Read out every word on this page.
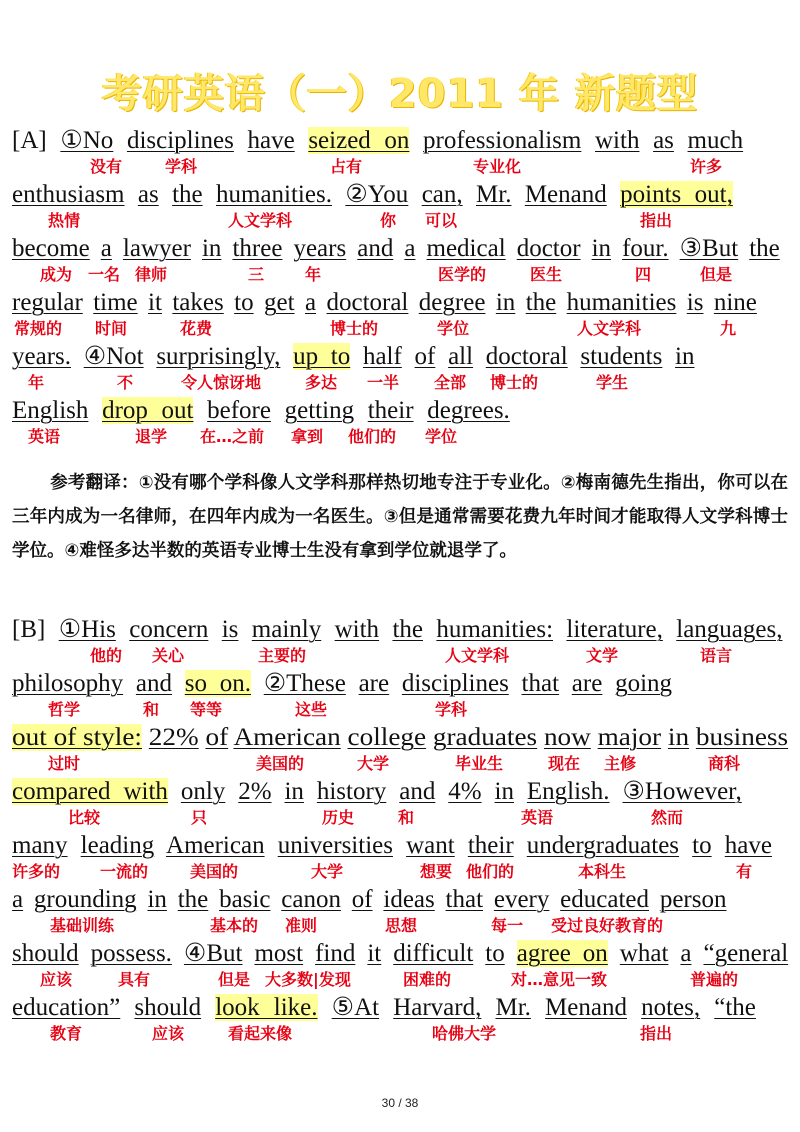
考研英语（一）2011 年 新题型
[A] ①No disciplines have seized on professionalism with as much
没有	学科	占有	专业化	许多
enthusiasm as the humanities. ②You can, Mr. Menand points out,
热情	人文学科	你 可以	指出
become a lawyer in three years and a medical doctor in four. ③But the
成为 一名 律师	三	年	医学的	医生	四	但是
regular time it takes to get a doctoral degree in the humanities is nine
常规的 时间	花费	博士的	学位	人文学科	九
years. ④Not surprisingly, up to half of all doctoral students in
年	不	令人惊讶地	多达 一半 全部 博士的	学生
English drop out before getting their degrees.
英语	退学 在…之前 拿到 他们的 学位
[B] ①His concern is mainly with the humanities: literature, languages,
他的 关心	主要的	人文学科	文学	语言
philosophy and so on. ②These are disciplines that are going
哲学	和 等等	这些	学科
out of style: 22% of American college graduates now major in business
过时	美国的	大学	毕业生	现在 主修	商科
compared with only 2% in history and 4% in English. ③However,
比较	只	历史	和	英语	然而
many leading American universities want their undergraduates to have
许多的 一流的	美国的	大学	想要 他们的	本科生	有
a grounding in the basic canon of ideas that every educated person
基础训练	基本的 准则	思想	每一 受过良好教育的
should possess. ④But most find it difficult to agree on what a “general
应该	具有	但是 大多数|发现	困难的	对…意见一致	普遍的
education” should look like. ⑤At Harvard, Mr. Menand notes, “the
教育	应该	看起来像	哈佛大学	指出
参考翻译：①没有哪个学科像人文学科那样热切地专注于专业化。②梅南德先生指出，你可以在三年内成为一名律师，在四年内成为一名医生。③但是通常需要花费九年时间才能取得人文学科博士学位。④难怪多达半数的英语专业博士生没有拿到学位就退学了。
30 / 38
